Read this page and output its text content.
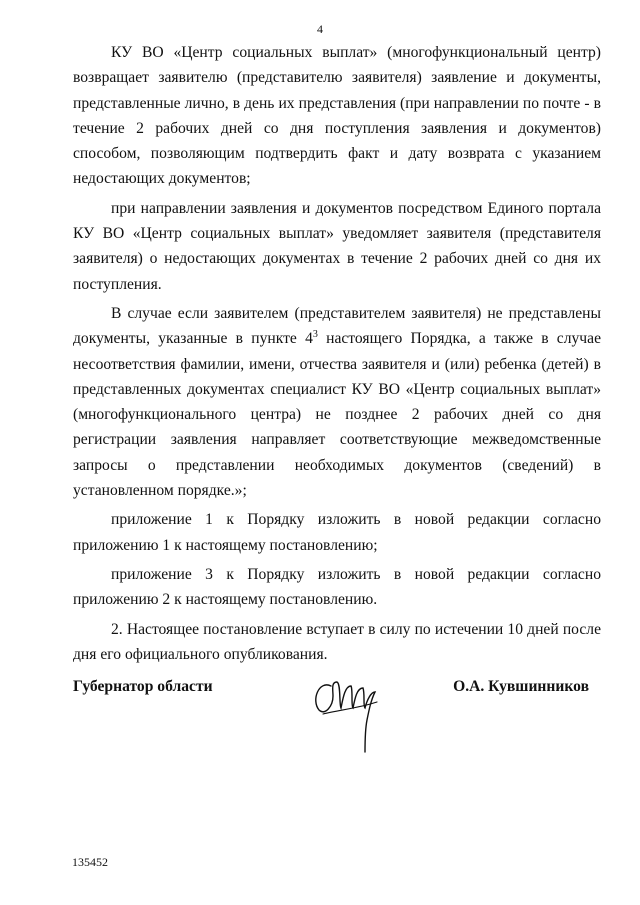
4

КУ ВО «Центр социальных выплат» (многофункциональный центр) возвращает заявителю (представителю заявителя) заявление и документы, представленные лично, в день их представления (при направлении по почте - в течение 2 рабочих дней со дня поступления заявления и документов) способом, позволяющим подтвердить факт и дату возврата с указанием недостающих документов;

при направлении заявления и документов посредством Единого портала КУ ВО «Центр социальных выплат» уведомляет заявителя (представителя заявителя) о недостающих документах в течение 2 рабочих дней со дня их поступления.

В случае если заявителем (представителем заявителя) не представлены документы, указанные в пункте $4^3$ настоящего Порядка, а также в случае несоответствия фамилии, имени, отчества заявителя и (или) ребенка (детей) в представленных документах специалист КУ ВО «Центр социальных выплат» (многофункционального центра) не позднее 2 рабочих дней со дня регистрации заявления направляет соответствующие межведомственные запросы о представлении необходимых документов (сведений) в установленном порядке.»;

приложение 1 к Порядку изложить в новой редакции согласно приложению 1 к настоящему постановлению;

приложение 3 к Порядку изложить в новой редакции согласно приложению 2 к настоящему постановлению.

2. Настоящее постановление вступает в силу по истечении 10 дней после дня его официального опубликования.

Губернатор области	О.А. Кувшинников
135452
